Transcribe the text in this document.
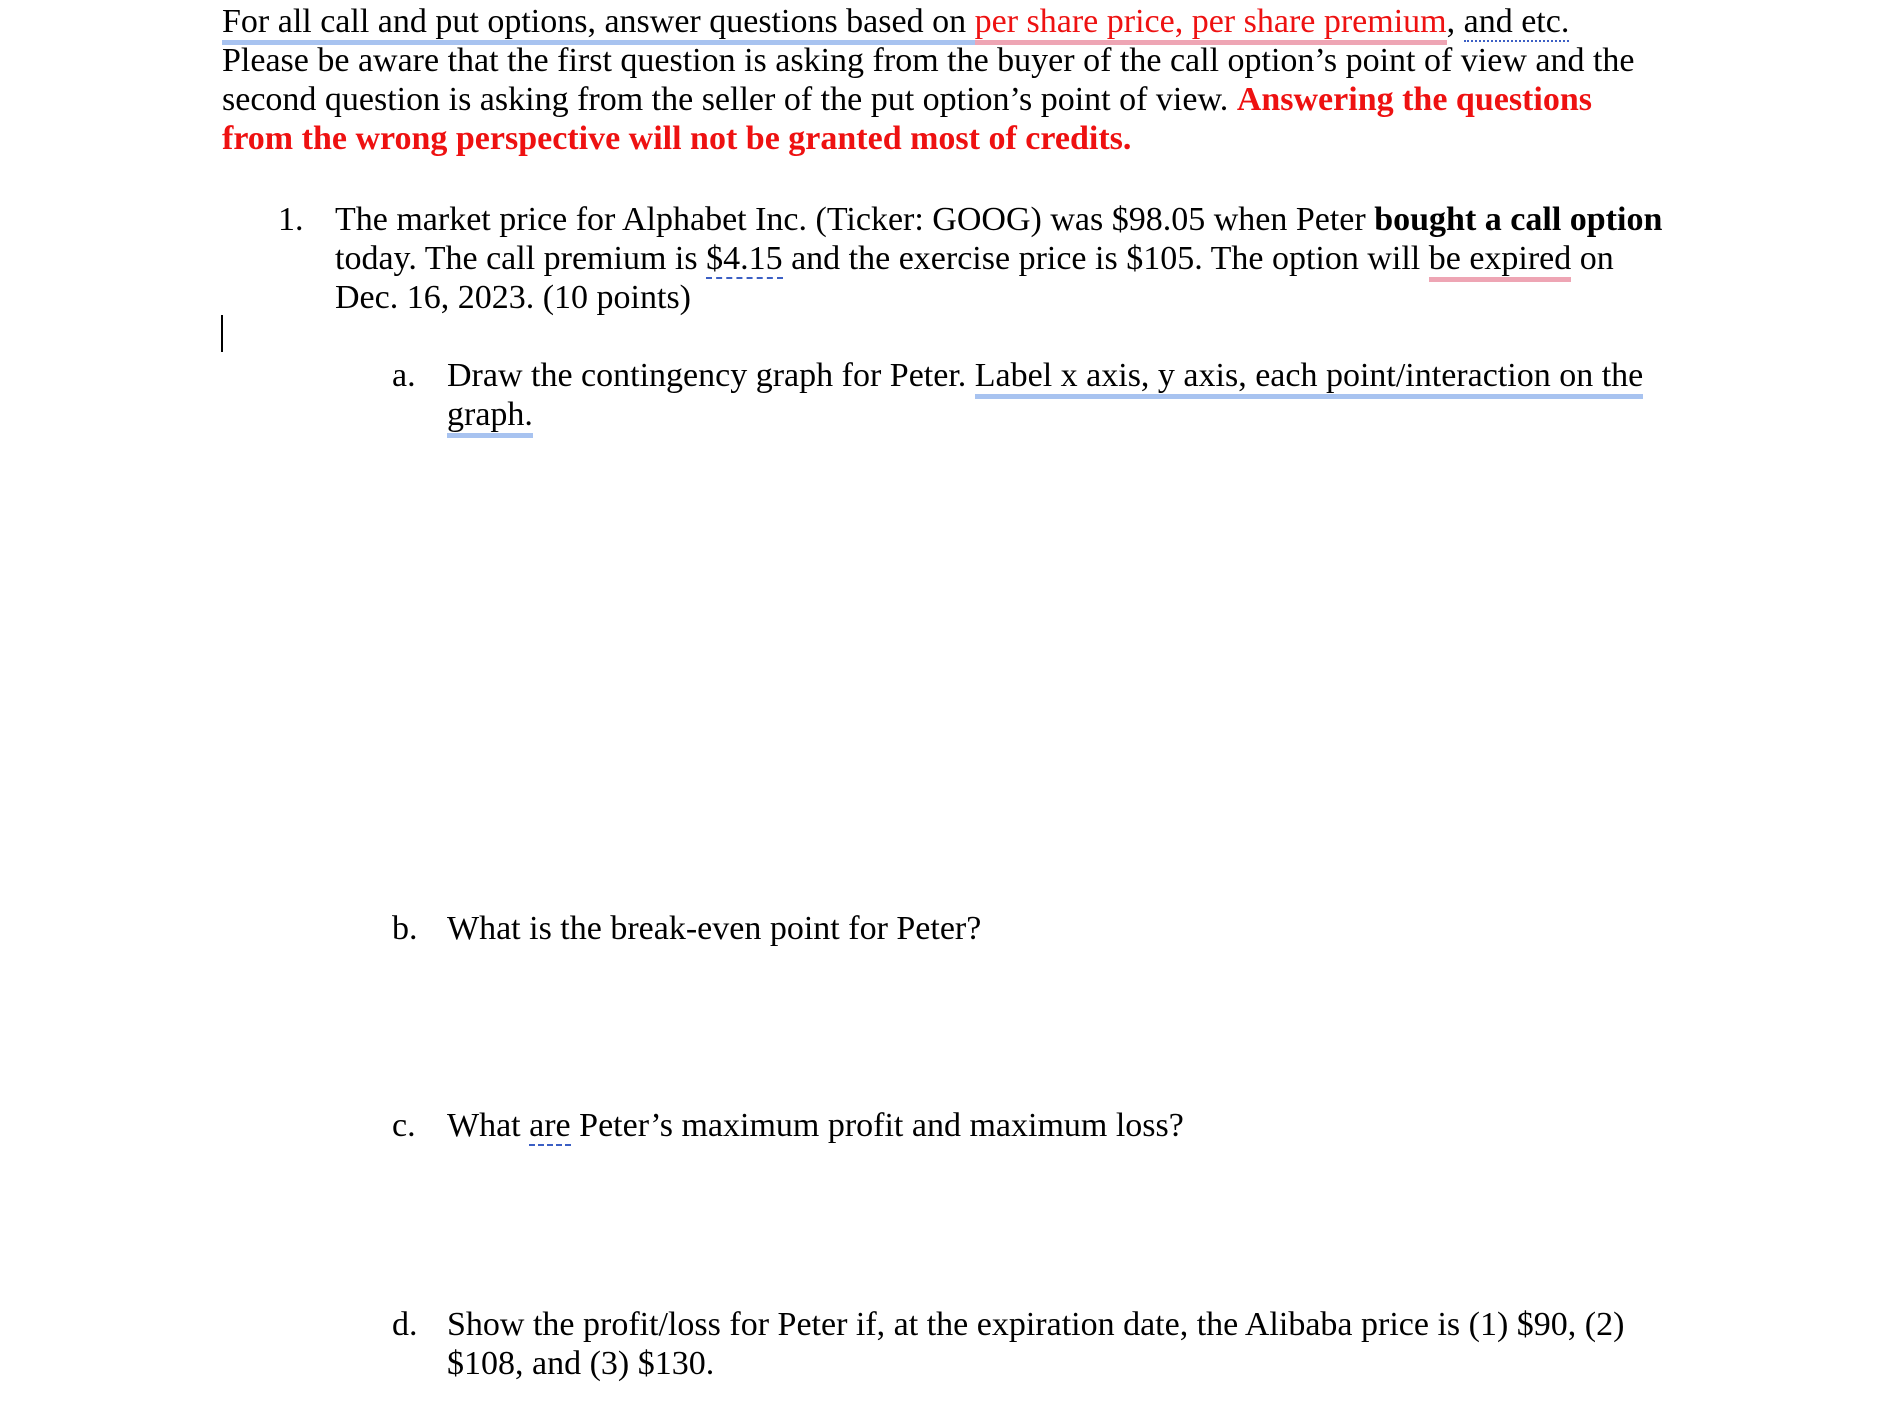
For all call and put options, answer questions based on per share price, per share premium, and etc.
Please be aware that the first question is asking from the buyer of the call option’s point of view and the
second question is asking from the seller of the put option’s point of view. Answering the questions
from the wrong perspective will not be granted most of credits.
1. The market price for Alphabet Inc. (Ticker: GOOG) was $98.05 when Peter bought a call option
today. The call premium is $4.15 and the exercise price is $105. The option will be expired on
Dec. 16, 2023. (10 points)
a. Draw the contingency graph for Peter. Label x axis, y axis, each point/interaction on the
graph.
b. What is the break-even point for Peter?
c. What are Peter’s maximum profit and maximum loss?
d. Show the profit/loss for Peter if, at the expiration date, the Alibaba price is (1) $90, (2)
$108, and (3) $130.
